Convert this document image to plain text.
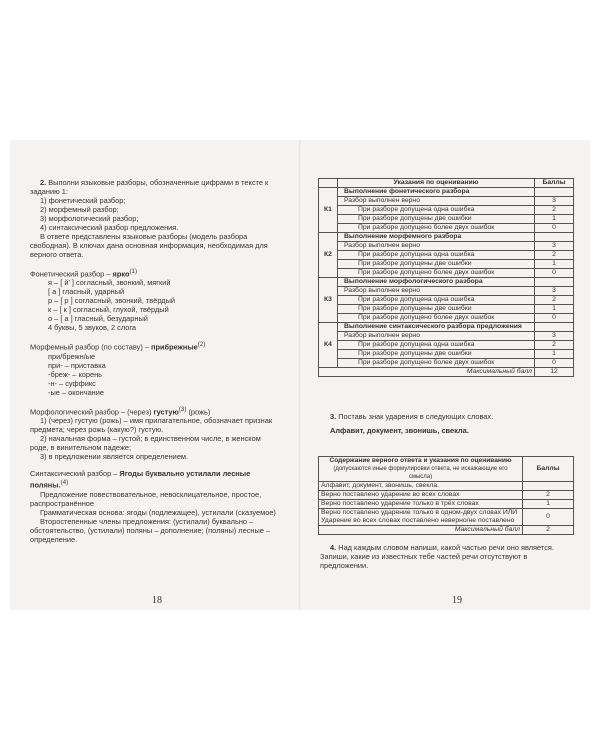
2. Выполни языковые разборы, обозначенные цифрами в тексте к заданию 1:

1) фонетический разбор;

2) морфемный разбор;

3) морфологический разбор;

4) синтаксический разбор предложения.

В ответе представлены языковые разборы (модель разбора свободная). В ключах дана основная информация, необходимая для верного ответа.

Фонетический разбор – ярко$^{(1)}$

я – [ й' ] согласный, звонкий, мягкий

[ а ] гласный, ударный

р – [ р ] согласный, звонкий, твёрдый

к – [ к ] согласный, глухой, твёрдый

о – [ а ] гласный, безударный

4 буквы, 5 звуков, 2 слога

Морфемный разбор (по составу) – прибрежные$^{(2)}$

при/брежн/ые

при- – приставка

-бреж- – корень

-н- – суффикс

-ые – окончание

Морфологический разбор – (через) густую$^{(3)}$ (рожь)

1) (через) густую (рожь) – имя прилагательное, обозначает признак предмета; через рожь (какую?) густую.

2) начальная форма – густой; в единственном числе, в женском роде, в винительном падеже;

3) в предложении является определением.

Синтаксический разбор – Ягоды буквально устилали лесные поляны.$^{(4)}$

Предложение повествовательное, невосклицательное, простое, распространённое

Грамматическая основа: ягоды (подлежащее), устилали (сказуемое)

Второстепенные члены предложения: (устилали) буквально – обстоятельство, (устилали) поляны – дополнение; (поляны) лесные – определение.

18
	Указания по оцениванию	Баллы
К1	Выполнение фонетического разбора	
	Разбор выполнен верно	3
	При разборе допущена одна ошибка	2
	При разборе допущены две ошибки	1
	При разборе допущено более двух ошибок	0
К2	Выполнение морфемного разбора	
	Разбор выполнен верно	3
	При разборе допущена одна ошибка	2
	При разборе допущены две ошибки	1
	При разборе допущено более двух ошибок	0
К3	Выполнение морфологического разбора	
	Разбор выполнен верно	3
	При разборе допущена одна ошибка	2
	При разборе допущены две ошибки	1
	При разборе допущено более двух ошибок	0
К4	Выполнение синтаксического разбора предложения	
	Разбор выполнен верно	3
	При разборе допущена одна ошибка	2
	При разборе допущены две ошибки	1
	При разборе допущено более двух ошибок	0
Максимальный балл		12

3. Поставь знак ударения в следующих словах.

Алфавит, документ, звонишь, свекла.

Содержание верного ответа и указания по оцениванию
(допускаются иные формулировки ответа, не искажающие его смысла)	Баллы
Алфавит, документ, звонишь, свекла.	
Верно поставлено ударение во всех словах	2
Верно поставлено ударение только в трёх словах	1
Верно поставлено ударение только в одном-двух словах ИЛИ Ударение во всех словах поставлено неверно/не поставлено	0
Максимальный балл	2

4. Над каждым словом напиши, какой частью речи оно является. Запиши, какие из известных тебе частей речи отсутствуют в предложении.

19
